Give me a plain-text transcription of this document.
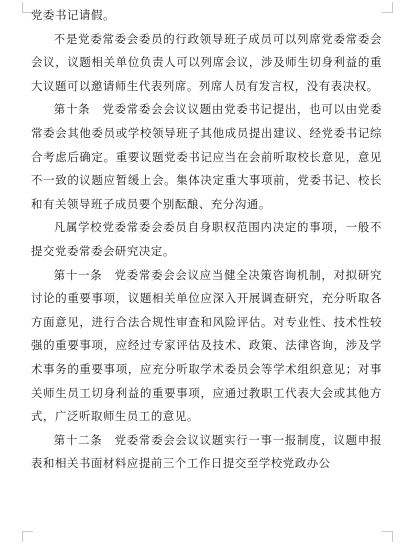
党委书记请假。

不是党委常委会委员的行政领导班子成员可以列席党委常委会会议，议题相关单位负责人可以列席会议，涉及师生切身利益的重大议题可以邀请师生代表列席。列席人员有发言权，没有表决权。

第十条　党委常委会会议议题由党委书记提出，也可以由党委常委会其他委员或学校领导班子其他成员提出建议、经党委书记综合考虑后确定。重要议题党委书记应当在会前听取校长意见，意见不一致的议题应暂缓上会。集体决定重大事项前，党委书记、校长和有关领导班子成员要个别酝酿、充分沟通。

凡属学校党委常委会委员自身职权范围内决定的事项，一般不提交党委常委会研究决定。

第十一条　党委常委会会议应当健全决策咨询机制，对拟研究讨论的重要事项，议题相关单位应深入开展调查研究，充分听取各方面意见，进行合法合规性审查和风险评估。对专业性、技术性较强的重要事项，应经过专家评估及技术、政策、法律咨询，涉及学术事务的重要事项，应充分听取学术委员会等学术组织意见；对事关师生员工切身利益的重要事项，应通过教职工代表大会或其他方式，广泛听取师生员工的意见。

第十二条　党委常委会会议议题实行一事一报制度，议题申报表和相关书面材料应提前三个工作日提交至学校党政办公
